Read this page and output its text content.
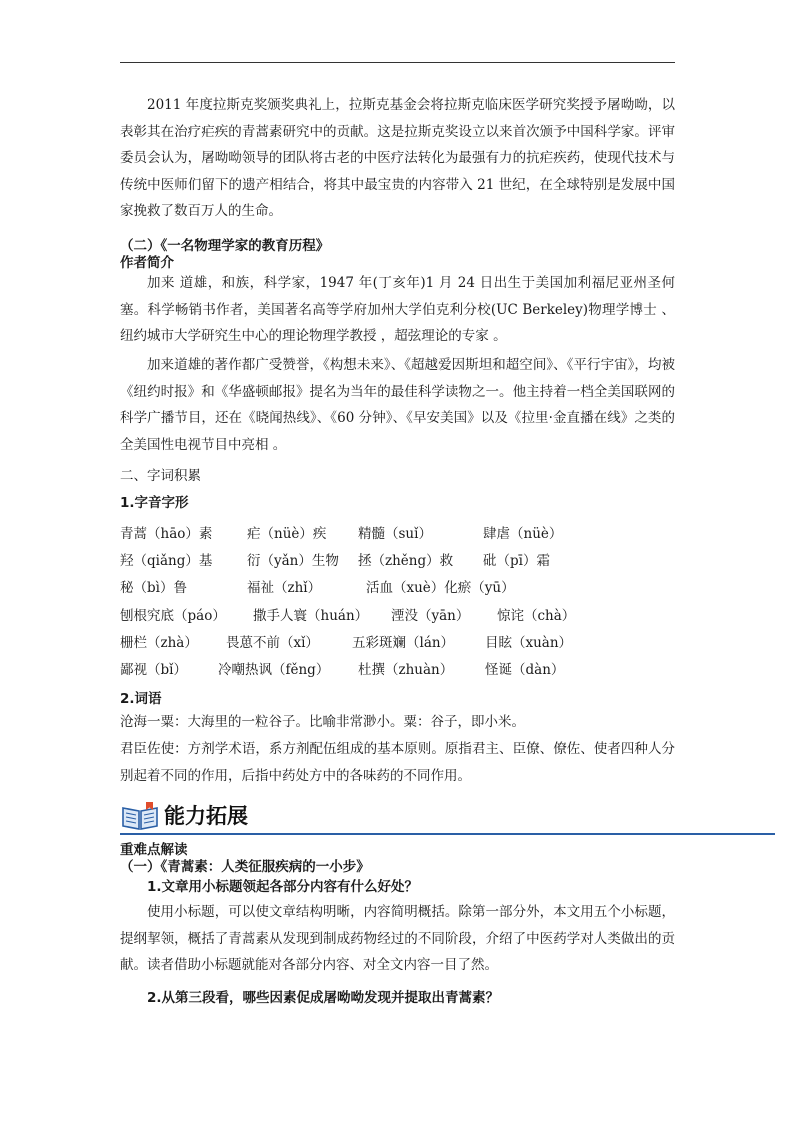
2011 年度拉斯克奖颁奖典礼上，拉斯克基金会将拉斯克临床医学研究奖授予屠呦呦，以表彰其在治疗疟疾的青蒿素研究中的贡献。这是拉斯克奖设立以来首次颁予中国科学家。评审委员会认为，屠呦呦领导的团队将古老的中医疗法转化为最强有力的抗疟疾药，使现代技术与传统中医师们留下的遗产相结合，将其中最宝贵的内容带入 21 世纪，在全球特别是发展中国家挽救了数百万人的生命。

（二）《一名物理学家的教育历程》

作者简介

加来 道雄，和族，科学家，1947 年(丁亥年)1 月 24 日出生于美国加利福尼亚州圣何塞。科学畅销书作者，美国著名高等学府加州大学伯克利分校(UC Berkeley)物理学博士 、纽约城市大学研究生中心的理论物理学教授 ，超弦理论的专家 。

加来道雄的著作都广受赞誉，《构想未来》、《超越爱因斯坦和超空间》、《平行宇宙》，均被《纽约时报》和《华盛顿邮报》提名为当年的最佳科学读物之一。他主持着一档全美国联网的科学广播节目，还在《晓闻热线》、《60 分钟》、《早安美国》以及《拉里·金直播在线》之类的全美国性电视节目中亮相 。

二、字词积累

1.字音字形

青蒿（hāo）素	疟（nüè）疾 精髓（suǐ）	肆虐（nüè）
羟（qiǎng）基	衍（yǎn）生物 拯（zhěng）救 砒（pī）霜
秘（bì）鲁	福祉（zhǐ）	活血（xuè）化瘀（yū）
刨根究底（páo） 撒手人寰（huán） 湮没（yān） 惊诧（chà）
栅栏（zhà） 畏葸不前（xǐ） 五彩斑斓（lán） 目眩（xuàn）
鄙视（bǐ） 冷嘲热讽（fěng） 杜撰（zhuàn） 怪诞（dàn）

2.词语

沧海一粟：大海里的一粒谷子。比喻非常渺小。粟：谷子，即小米。

君臣佐使：方剂学术语，系方剂配伍组成的基本原则。原指君主、臣僚、僚佐、使者四种人分别起着不同的作用，后指中药处方中的各味药的不同作用。

能力拓展

重难点解读

（一）《青蒿素：人类征服疾病的一小步》

1.文章用小标题领起各部分内容有什么好处？

使用小标题，可以使文章结构明晰，内容简明概括。除第一部分外，本文用五个小标题，提纲挈领，概括了青蒿素从发现到制成药物经过的不同阶段，介绍了中医药学对人类做出的贡献。读者借助小标题就能对各部分内容、对全文内容一目了然。

2.从第三段看，哪些因素促成屠呦呦发现并提取出青蒿素？
